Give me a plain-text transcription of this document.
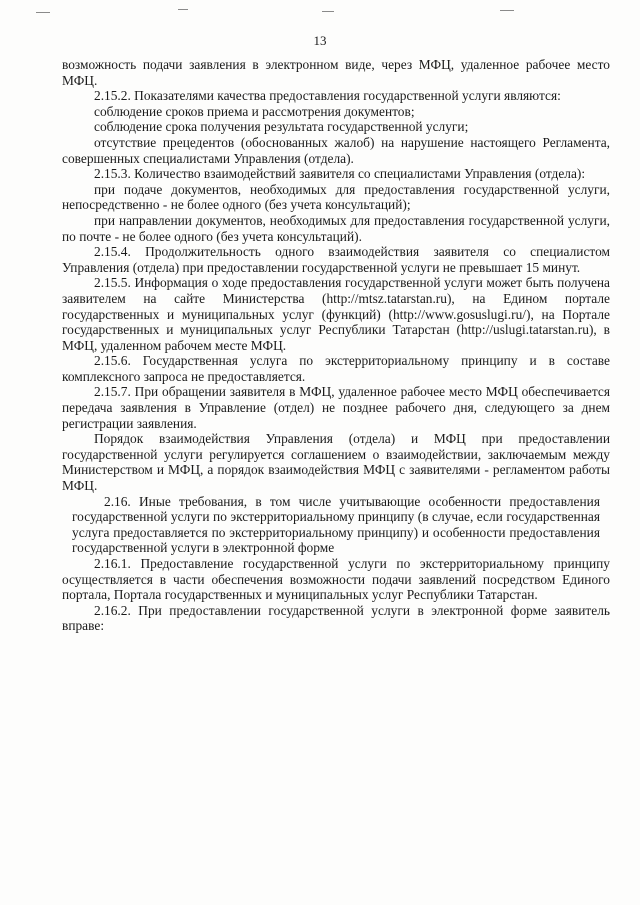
13

возможность подачи заявления в электронном виде, через МФЦ, удаленное рабочее место МФЦ.

2.15.2. Показателями качества предоставления государственной услуги являются:

соблюдение сроков приема и рассмотрения документов;

соблюдение срока получения результата государственной услуги;

отсутствие прецедентов (обоснованных жалоб) на нарушение настоящего Регламента, совершенных специалистами Управления (отдела).

2.15.3. Количество взаимодействий заявителя со специалистами Управления (отдела):

при подаче документов, необходимых для предоставления государственной услуги, непосредственно - не более одного (без учета консультаций);

при направлении документов, необходимых для предоставления государственной услуги, по почте - не более одного (без учета консультаций).

2.15.4. Продолжительность одного взаимодействия заявителя со специалистом Управления (отдела) при предоставлении государственной услуги не превышает 15 минут.

2.15.5. Информация о ходе предоставления государственной услуги может быть получена заявителем на сайте Министерства (http://mtsz.tatarstan.ru), на Едином портале государственных и муниципальных услуг (функций) (http://www.gosuslugi.ru/), на Портале государственных и муниципальных услуг Республики Татарстан (http://uslugi.tatarstan.ru), в МФЦ, удаленном рабочем месте МФЦ.

2.15.6. Государственная услуга по экстерриториальному принципу и в составе комплексного запроса не предоставляется.

2.15.7. При обращении заявителя в МФЦ, удаленное рабочее место МФЦ обеспечивается передача заявления в Управление (отдел) не позднее рабочего дня, следующего за днем регистрации заявления.

Порядок взаимодействия Управления (отдела) и МФЦ при предоставлении государственной услуги регулируется соглашением о взаимодействии, заключаемым между Министерством и МФЦ, а порядок взаимодействия МФЦ с заявителями - регламентом работы МФЦ.

2.16. Иные требования, в том числе учитывающие особенности предоставления государственной услуги по экстерриториальному принципу (в случае, если государственная услуга предоставляется по экстерриториальному принципу) и особенности предоставления государственной услуги в электронной форме

2.16.1. Предоставление государственной услуги по экстерриториальному принципу осуществляется в части обеспечения возможности подачи заявлений посредством Единого портала, Портала государственных и муниципальных услуг Республики Татарстан.

2.16.2. При предоставлении государственной услуги в электронной форме заявитель вправе:
